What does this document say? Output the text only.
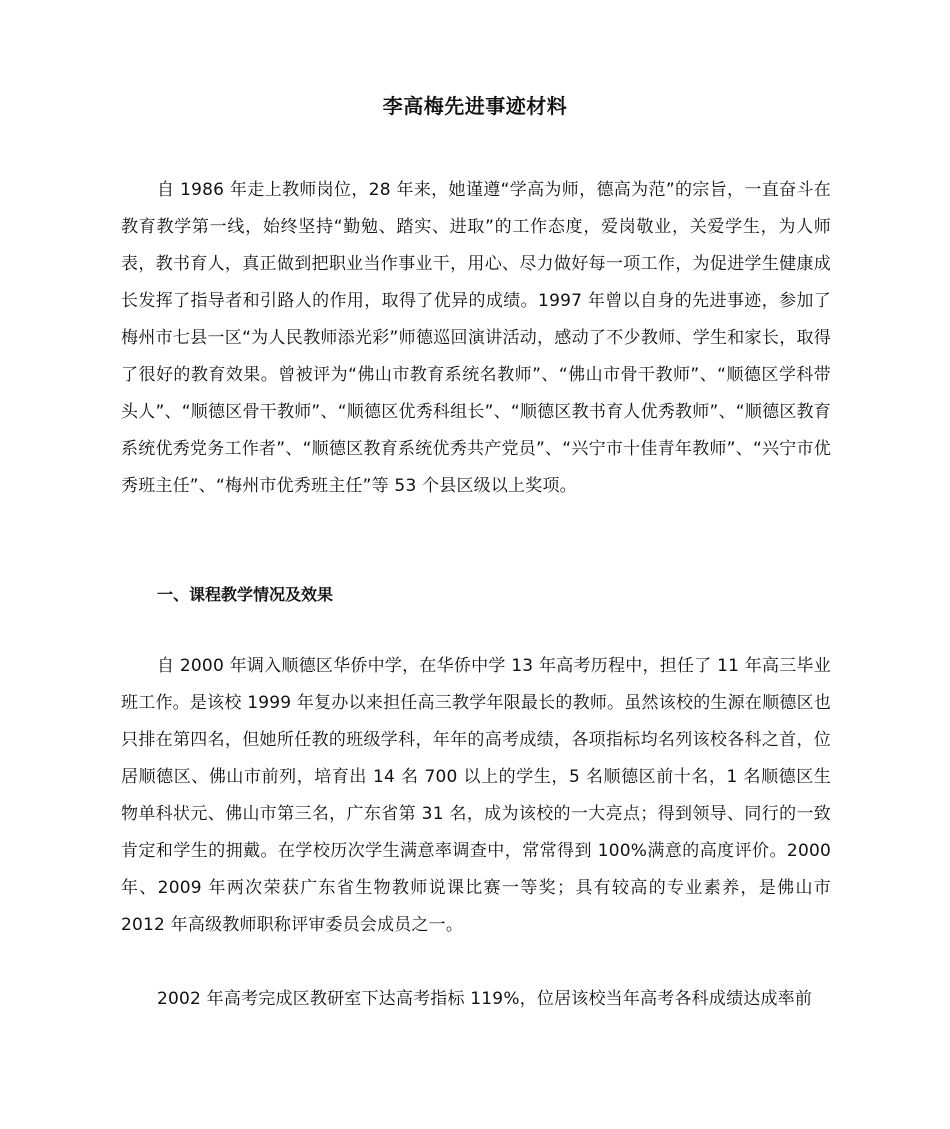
李高梅先进事迹材料

自 1986 年走上教师岗位，28 年来，她谨遵“学高为师，德高为范”的宗旨，一直奋斗在教育教学第一线，始终坚持“勤勉、踏实、进取”的工作态度，爱岗敬业，关爱学生，为人师表，教书育人，真正做到把职业当作事业干，用心、尽力做好每一项工作，为促进学生健康成长发挥了指导者和引路人的作用，取得了优异的成绩。1997 年曾以自身的先进事迹，参加了梅州市七县一区“为人民教师添光彩”师德巡回演讲活动，感动了不少教师、学生和家长，取得了很好的教育效果。曾被评为“佛山市教育系统名教师”、“佛山市骨干教师”、“顺德区学科带头人”、“顺德区骨干教师”、“顺德区优秀科组长”、“顺德区教书育人优秀教师”、“顺德区教育系统优秀党务工作者”、“顺德区教育系统优秀共产党员”、“兴宁市十佳青年教师”、“兴宁市优秀班主任”、“梅州市优秀班主任”等 53 个县区级以上奖项。

一、课程教学情况及效果

自 2000 年调入顺德区华侨中学，在华侨中学 13 年高考历程中，担任了 11 年高三毕业班工作。是该校 1999 年复办以来担任高三教学年限最长的教师。虽然该校的生源在顺德区也只排在第四名，但她所任教的班级学科，年年的高考成绩，各项指标均名列该校各科之首，位居顺德区、佛山市前列，培育出 14 名 700 以上的学生，5 名顺德区前十名，1 名顺德区生物单科状元、佛山市第三名，广东省第 31 名，成为该校的一大亮点；得到领导、同行的一致肯定和学生的拥戴。在学校历次学生满意率调查中，常常得到 100%满意的高度评价。2000 年、2009 年两次荣获广东省生物教师说课比赛一等奖；具有较高的专业素养，是佛山市 2012 年高级教师职称评审委员会成员之一。

2002 年高考完成区教研室下达高考指标 119%，位居该校当年高考各科成绩达成率前
